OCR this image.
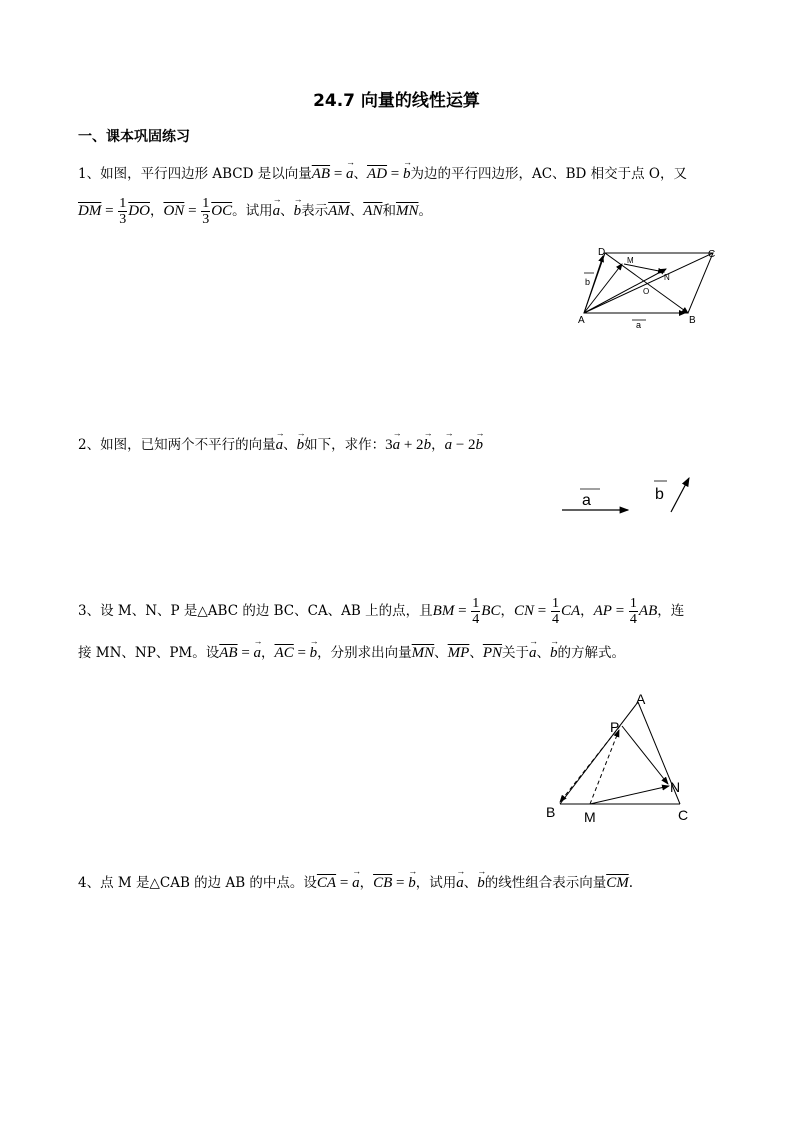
24.7 向量的线性运算
一、课本巩固练习
1、如图，平行四边形 ABCD 是以向量$\overline{AB}$ = → a、$\overline{AD}$ = → b为边的平行四边形，AC、BD 相交于点 O，又
$\overline{DM} = \frac{1}{3} \overline{DO}$，$\overline{ON} = \frac{1}{3} \overline{OC}$。试用→ a、→ b表示$\overline{AM}$、$\overline{AN}$和$\overline{MN}$。
D	C
A	B
M
N
O
a
b
2、如图，已知两个不平行的向量→ a、→ b如下，求作：3→ a + 2→ b，→ a − 2→ b
a	b
3、设 M、N、P 是△ABC 的边 BC、CA、AB 上的点，且BM = $\frac{1}{4}$ BC，CN = $\frac{1}{4}$ CA，AP = $\frac{1}{4}$ AB，连
接 MN、NP、PM。设$\overline{AB}$ = → a，$\overline{AC}$ = → b，分别求出向量$\overline{MN}$、$\overline{MP}$、$\overline{PN}$关于→ a、→ b的方解式。
A
P
N
B M	C
4、点 M 是△CAB 的边 AB 的中点。设$\overline{CA}$ = → a，$\overline{CB}$ = → b，试用→ a、→ b的线性组合表示向量$\overline{CM}$.
